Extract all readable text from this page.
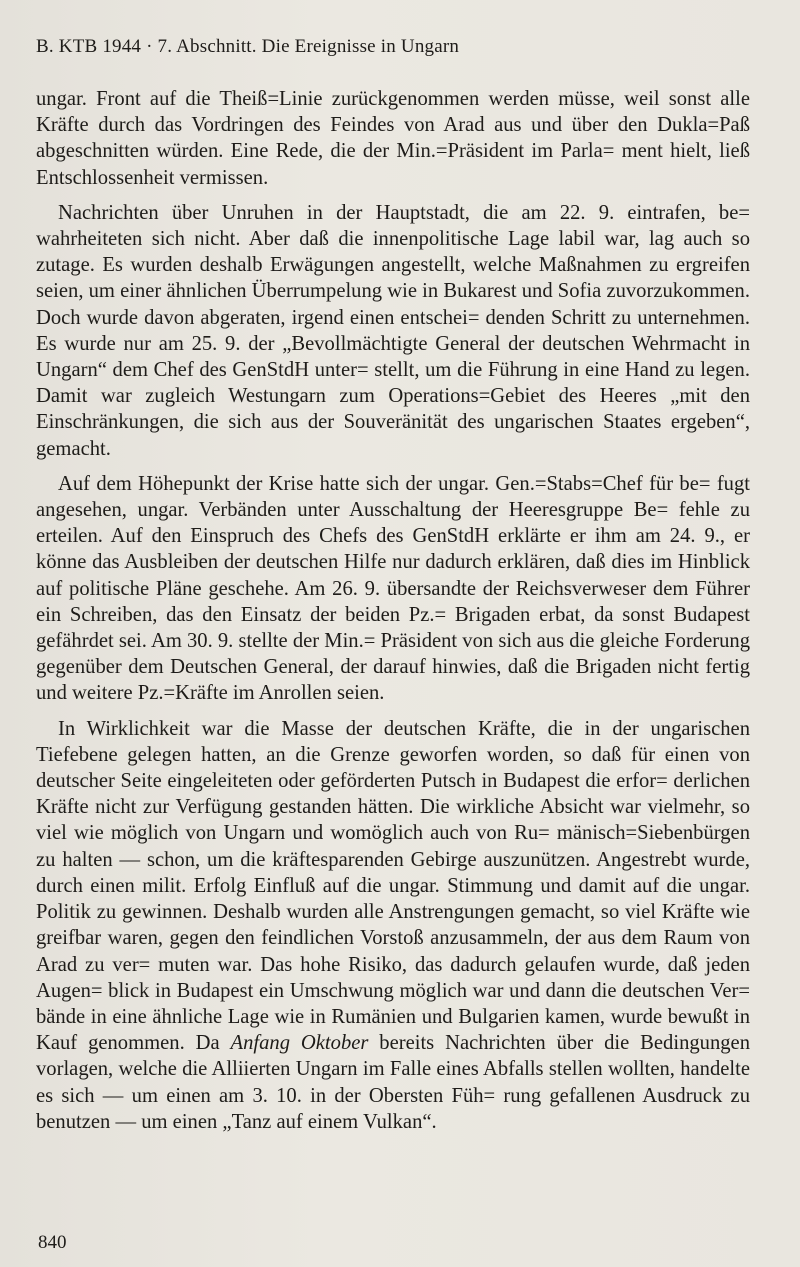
B. KTB 1944 · 7. Abschnitt. Die Ereignisse in Ungarn

ungar. Front auf die Theiß=Linie zurückgenommen werden müsse, weil sonst alle Kräfte durch das Vordringen des Feindes von Arad aus und über den Dukla=Paß abgeschnitten würden. Eine Rede, die der Min.=Präsident im Parla= ment hielt, ließ Entschlossenheit vermissen.

Nachrichten über Unruhen in der Hauptstadt, die am 22. 9. eintrafen, be= wahrheiteten sich nicht. Aber daß die innenpolitische Lage labil war, lag auch so zutage. Es wurden deshalb Erwägungen angestellt, welche Maßnahmen zu ergreifen seien, um einer ähnlichen Überrumpelung wie in Bukarest und Sofia zuvorzukommen. Doch wurde davon abgeraten, irgend einen entschei= denden Schritt zu unternehmen. Es wurde nur am 25. 9. der „Bevollmächtigte General der deutschen Wehrmacht in Ungarn“ dem Chef des GenStdH unter= stellt, um die Führung in eine Hand zu legen. Damit war zugleich Westungarn zum Operations=Gebiet des Heeres „mit den Einschränkungen, die sich aus der Souveränität des ungarischen Staates ergeben“, gemacht.

Auf dem Höhepunkt der Krise hatte sich der ungar. Gen.=Stabs=Chef für be= fugt angesehen, ungar. Verbänden unter Ausschaltung der Heeresgruppe Be= fehle zu erteilen. Auf den Einspruch des Chefs des GenStdH erklärte er ihm am 24. 9., er könne das Ausbleiben der deutschen Hilfe nur dadurch erklären, daß dies im Hinblick auf politische Pläne geschehe. Am 26. 9. übersandte der Reichsverweser dem Führer ein Schreiben, das den Einsatz der beiden Pz.= Brigaden erbat, da sonst Budapest gefährdet sei. Am 30. 9. stellte der Min.= Präsident von sich aus die gleiche Forderung gegenüber dem Deutschen General, der darauf hinwies, daß die Brigaden nicht fertig und weitere Pz.=Kräfte im Anrollen seien.

In Wirklichkeit war die Masse der deutschen Kräfte, die in der ungarischen Tiefebene gelegen hatten, an die Grenze geworfen worden, so daß für einen von deutscher Seite eingeleiteten oder geförderten Putsch in Budapest die erfor= derlichen Kräfte nicht zur Verfügung gestanden hätten. Die wirkliche Absicht war vielmehr, so viel wie möglich von Ungarn und womöglich auch von Ru= mänisch=Siebenbürgen zu halten — schon, um die kräftesparenden Gebirge auszunützen. Angestrebt wurde, durch einen milit. Erfolg Einfluß auf die ungar. Stimmung und damit auf die ungar. Politik zu gewinnen. Deshalb wurden alle Anstrengungen gemacht, so viel Kräfte wie greifbar waren, gegen den feindlichen Vorstoß anzusammeln, der aus dem Raum von Arad zu ver= muten war. Das hohe Risiko, das dadurch gelaufen wurde, daß jeden Augen= blick in Budapest ein Umschwung möglich war und dann die deutschen Ver= bände in eine ähnliche Lage wie in Rumänien und Bulgarien kamen, wurde bewußt in Kauf genommen. Da Anfang Oktober bereits Nachrichten über die Bedingungen vorlagen, welche die Alliierten Ungarn im Falle eines Abfalls stellen wollten, handelte es sich — um einen am 3. 10. in der Obersten Füh= rung gefallenen Ausdruck zu benutzen — um einen „Tanz auf einem Vulkan“.

840
